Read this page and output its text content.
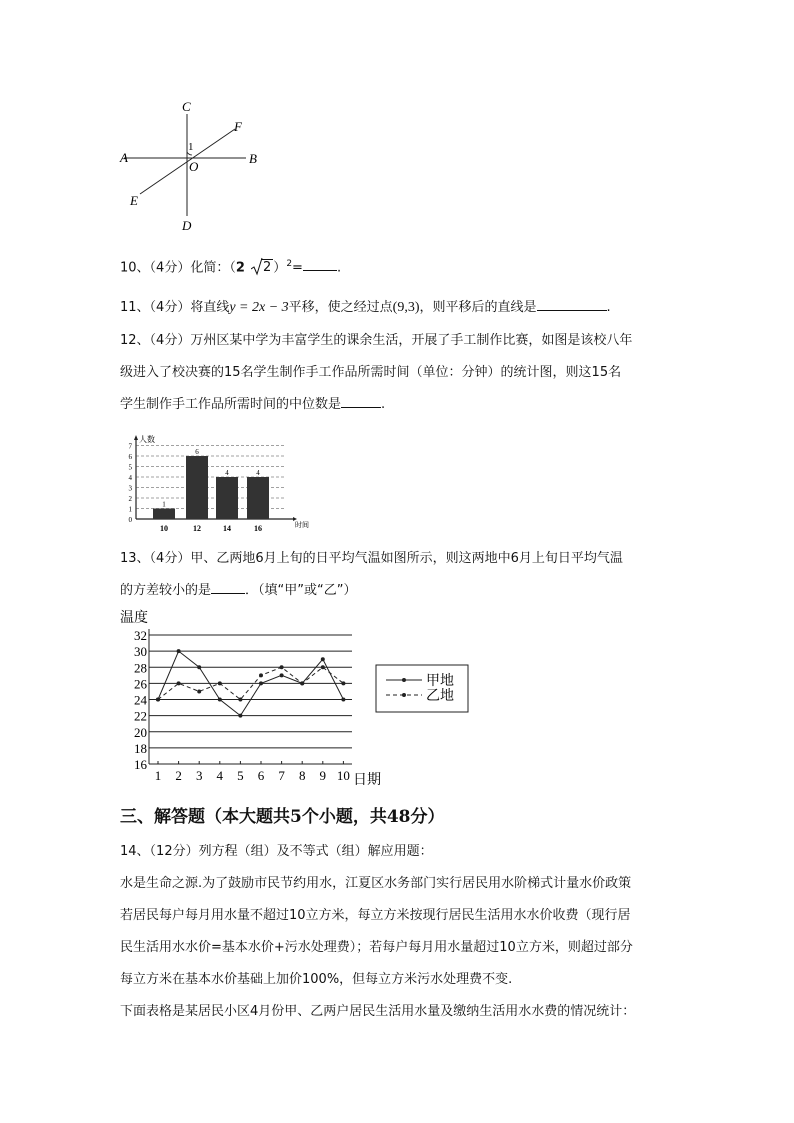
C
F
1
A
O
B
E
D
10、（4分）化简：（2 2 ）$^2$=	.
11、（4分）将直线y = 2x − 3平移，使之经过点(9,3)，则平移后的直线是	.
12、（4分）万州区某中学为丰富学生的课余生活，开展了手工制作比赛，如图是该校八年
级进入了校决赛的15名学生制作手工作品所需时间（单位：分钟）的统计图，则这15名
学生制作手工作品所需时间的中位数是	.
0
1
2
3
4
5
6
7
人数
时间
1
10
6
12
4
14
4
16
13、（4分）甲、乙两地6月上旬的日平均气温如图所示，则这两地中6月上旬日平均气温
的方差较小的是	．（填“甲”或“乙”）
16
18
20
22
24
26
28
30
32
温度
1 2 3 4 5 6 7 8 9 10 日期
甲地
乙地
三、解答题（本大题共5个小题，共48分）
14、（12分）列方程（组）及不等式（组）解应用题：
水是生命之源.为了鼓励市民节约用水，江夏区水务部门实行居民用水阶梯式计量水价政策
若居民每户每月用水量不超过10立方米，每立方米按现行居民生活用水水价收费（现行居
民生活用水水价=基本水价+污水处理费）；若每户每月用水量超过10立方米，则超过部分
每立方米在基本水价基础上加价100%，但每立方米污水处理费不变.
下面表格是某居民小区4月份甲、乙两户居民生活用水量及缴纳生活用水水费的情况统计：
